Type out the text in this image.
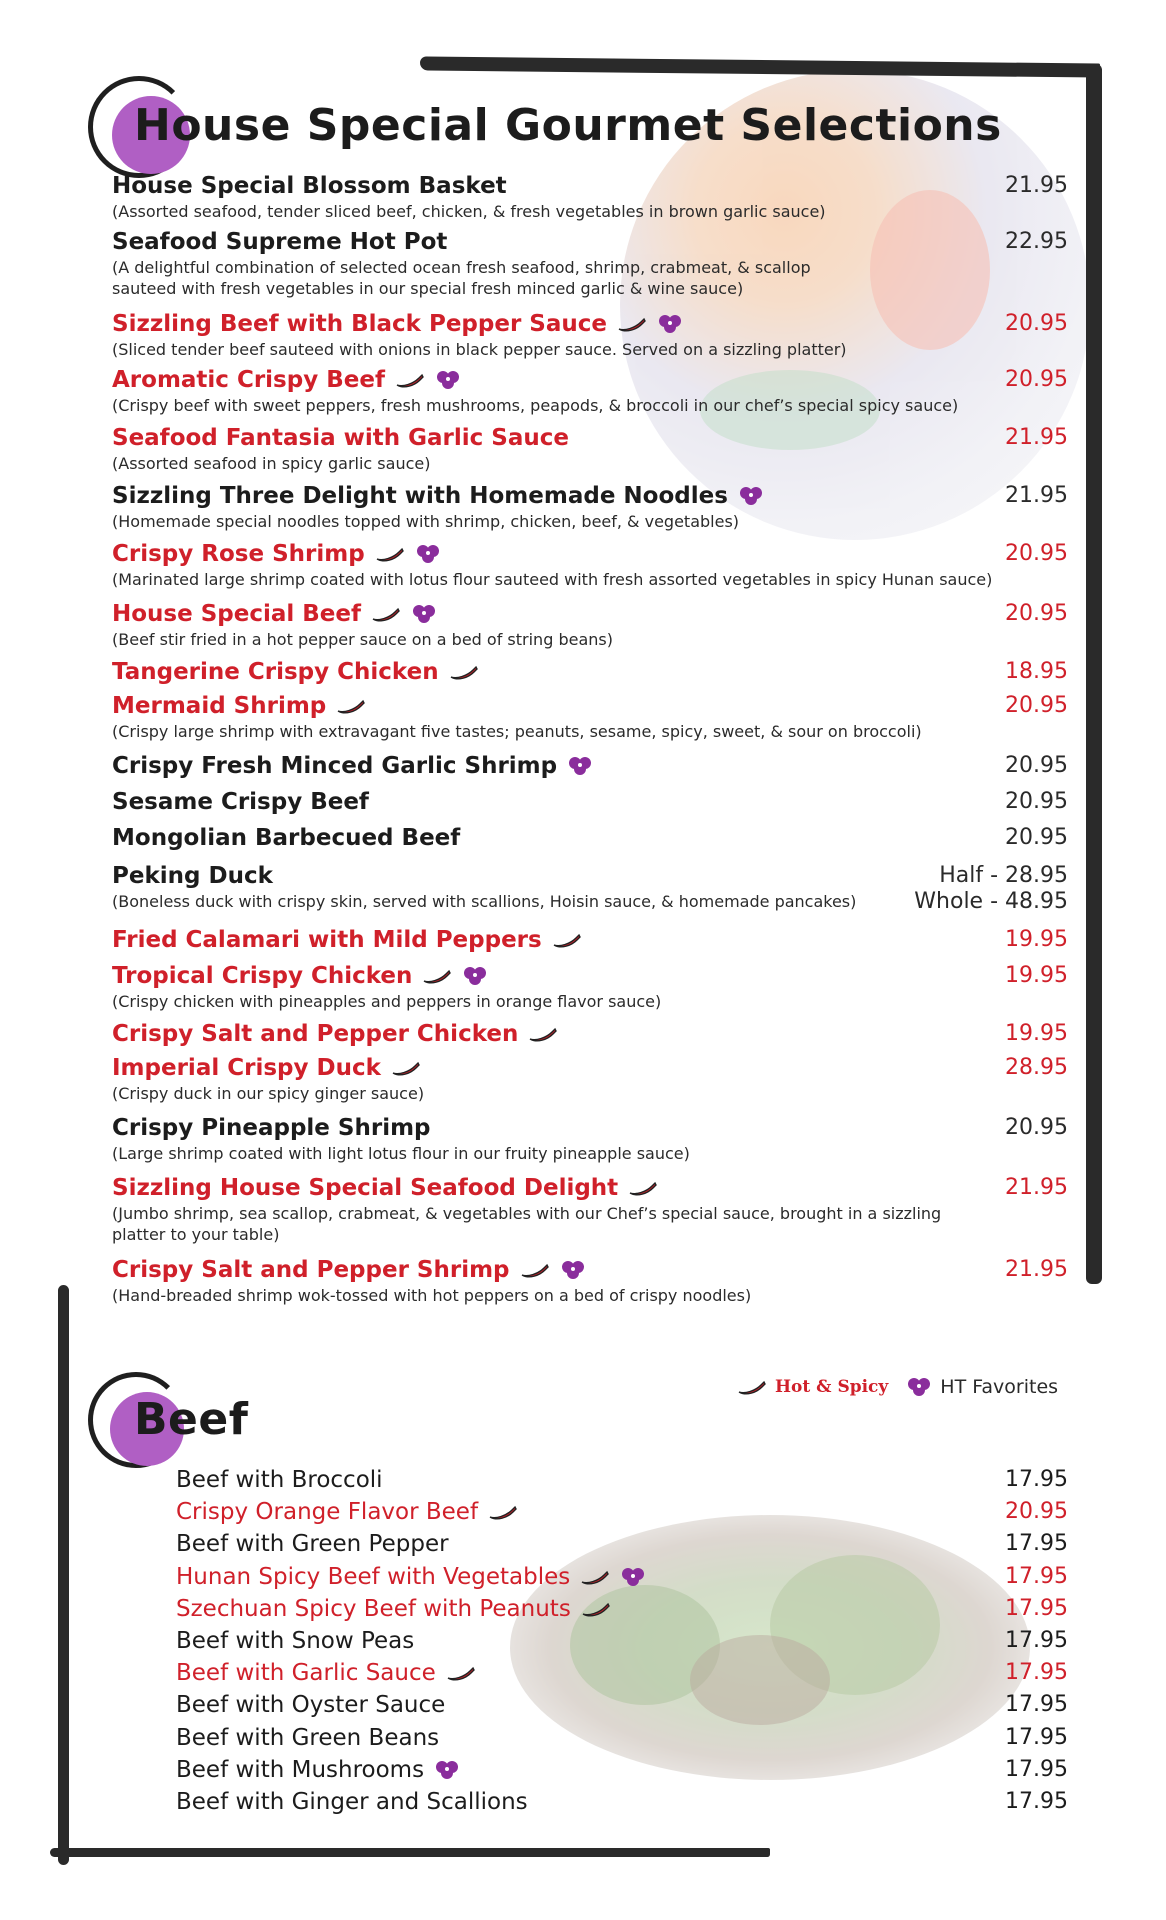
House Special Gourmet Selections
House Special Blossom Basket
(Assorted seafood, tender sliced beef, chicken, & fresh vegetables in brown garlic sauce)
21.95
Seafood Supreme Hot Pot
(A delightful combination of selected ocean fresh seafood, shrimp, crabmeat, & scallop sauteed with fresh vegetables in our special fresh minced garlic & wine sauce)
22.95
Sizzling Beef with Black Pepper Sauce
(Sliced tender beef sauteed with onions in black pepper sauce. Served on a sizzling platter)
20.95
Aromatic Crispy Beef
(Crispy beef with sweet peppers, fresh mushrooms, peapods, & broccoli in our chef’s special spicy sauce)
20.95
Seafood Fantasia with Garlic Sauce
(Assorted seafood in spicy garlic sauce)
21.95
Sizzling Three Delight with Homemade Noodles
(Homemade special noodles topped with shrimp, chicken, beef, & vegetables)
21.95
Crispy Rose Shrimp
(Marinated large shrimp coated with lotus flour sauteed with fresh assorted vegetables in spicy Hunan sauce)
20.95
House Special Beef
(Beef stir fried in a hot pepper sauce on a bed of string beans)
20.95
Tangerine Crispy Chicken	18.95
Mermaid Shrimp
(Crispy large shrimp with extravagant five tastes; peanuts, sesame, spicy, sweet, & sour on broccoli)
20.95
Crispy Fresh Minced Garlic Shrimp	20.95
Sesame Crispy Beef	20.95
Mongolian Barbecued Beef	20.95
Peking Duck
(Boneless duck with crispy skin, served with scallions, Hoisin sauce, & homemade pancakes)
Half - 28.95
Whole - 48.95
Fried Calamari with Mild Peppers	19.95
Tropical Crispy Chicken
(Crispy chicken with pineapples and peppers in orange flavor sauce)
19.95
Crispy Salt and Pepper Chicken	19.95
Imperial Crispy Duck
(Crispy duck in our spicy ginger sauce)
28.95
Crispy Pineapple Shrimp
(Large shrimp coated with light lotus flour in our fruity pineapple sauce)
20.95
Sizzling House Special Seafood Delight
(Jumbo shrimp, sea scallop, crabmeat, & vegetables with our Chef’s special sauce, brought in a sizzling platter to your table)
21.95
Crispy Salt and Pepper Shrimp
(Hand-breaded shrimp wok-tossed with hot peppers on a bed of crispy noodles)
21.95
Hot & Spicy	HT Favorites
Beef
Beef with Broccoli	17.95
Crispy Orange Flavor Beef	20.95
Beef with Green Pepper	17.95
Hunan Spicy Beef with Vegetables	17.95
Szechuan Spicy Beef with Peanuts	17.95
Beef with Snow Peas	17.95
Beef with Garlic Sauce	17.95
Beef with Oyster Sauce	17.95
Beef with Green Beans	17.95
Beef with Mushrooms	17.95
Beef with Ginger and Scallions	17.95
